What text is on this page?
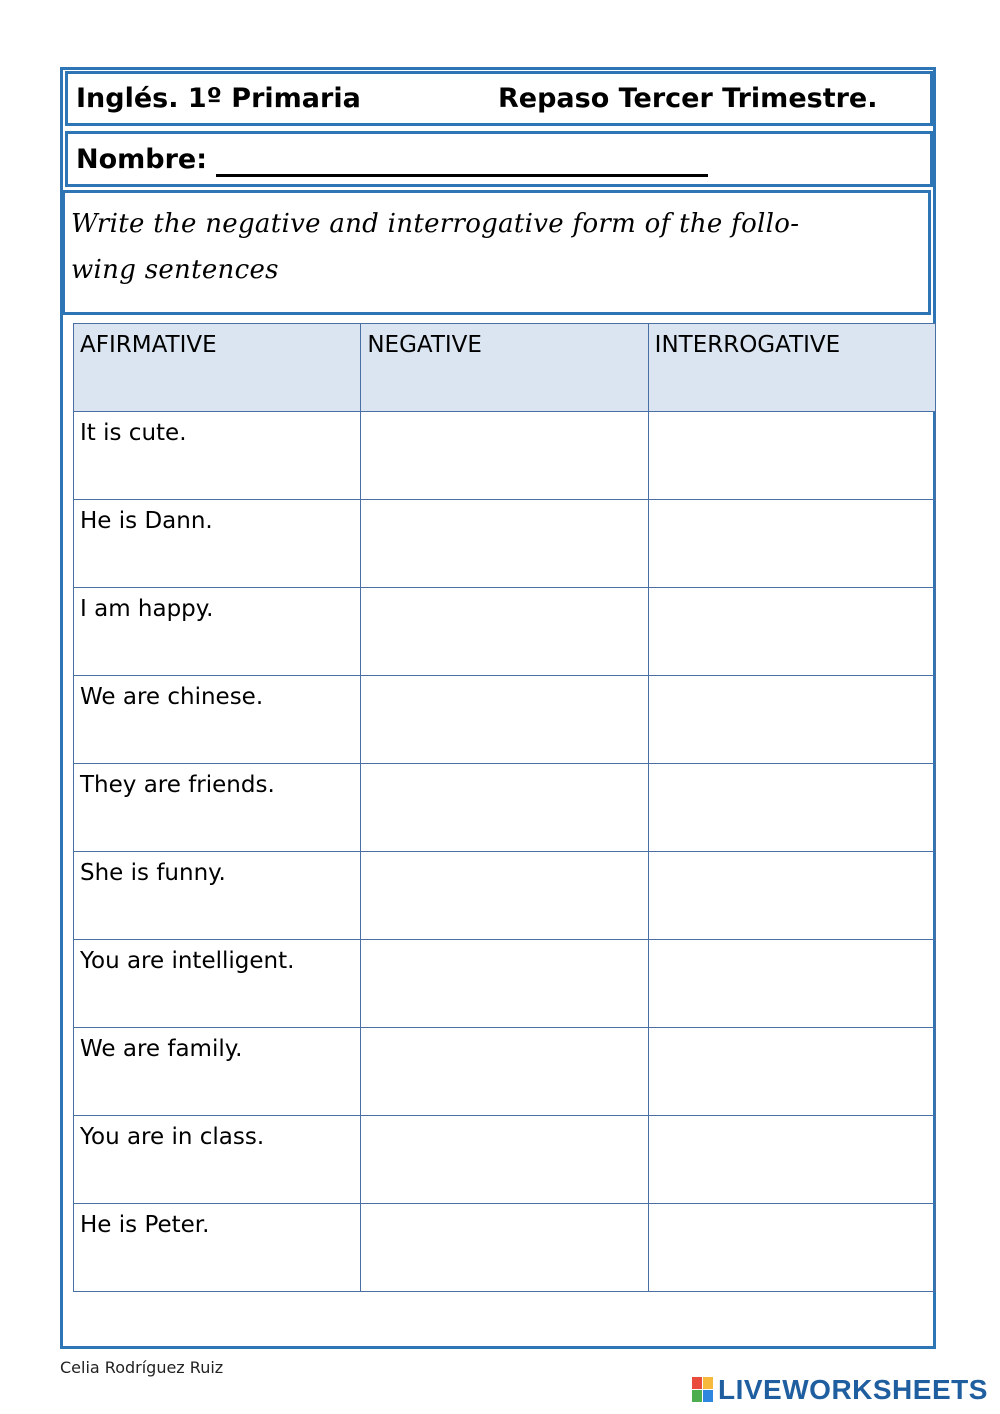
Inglés. 1º Primaria	Repaso Tercer Trimestre.
Nombre:
Write the negative and interrogative form of the follo-
wing sentences
AFIRMATIVE	NEGATIVE	INTERROGATIVE
It is cute.		
He is Dann.		
I am happy.		
We are chinese.		
They are friends.		
She is funny.		
You are intelligent.		
We are family.		
You are in class.		
He is Peter.		
Celia Rodríguez Ruiz
LIVEWORKSHEETS
